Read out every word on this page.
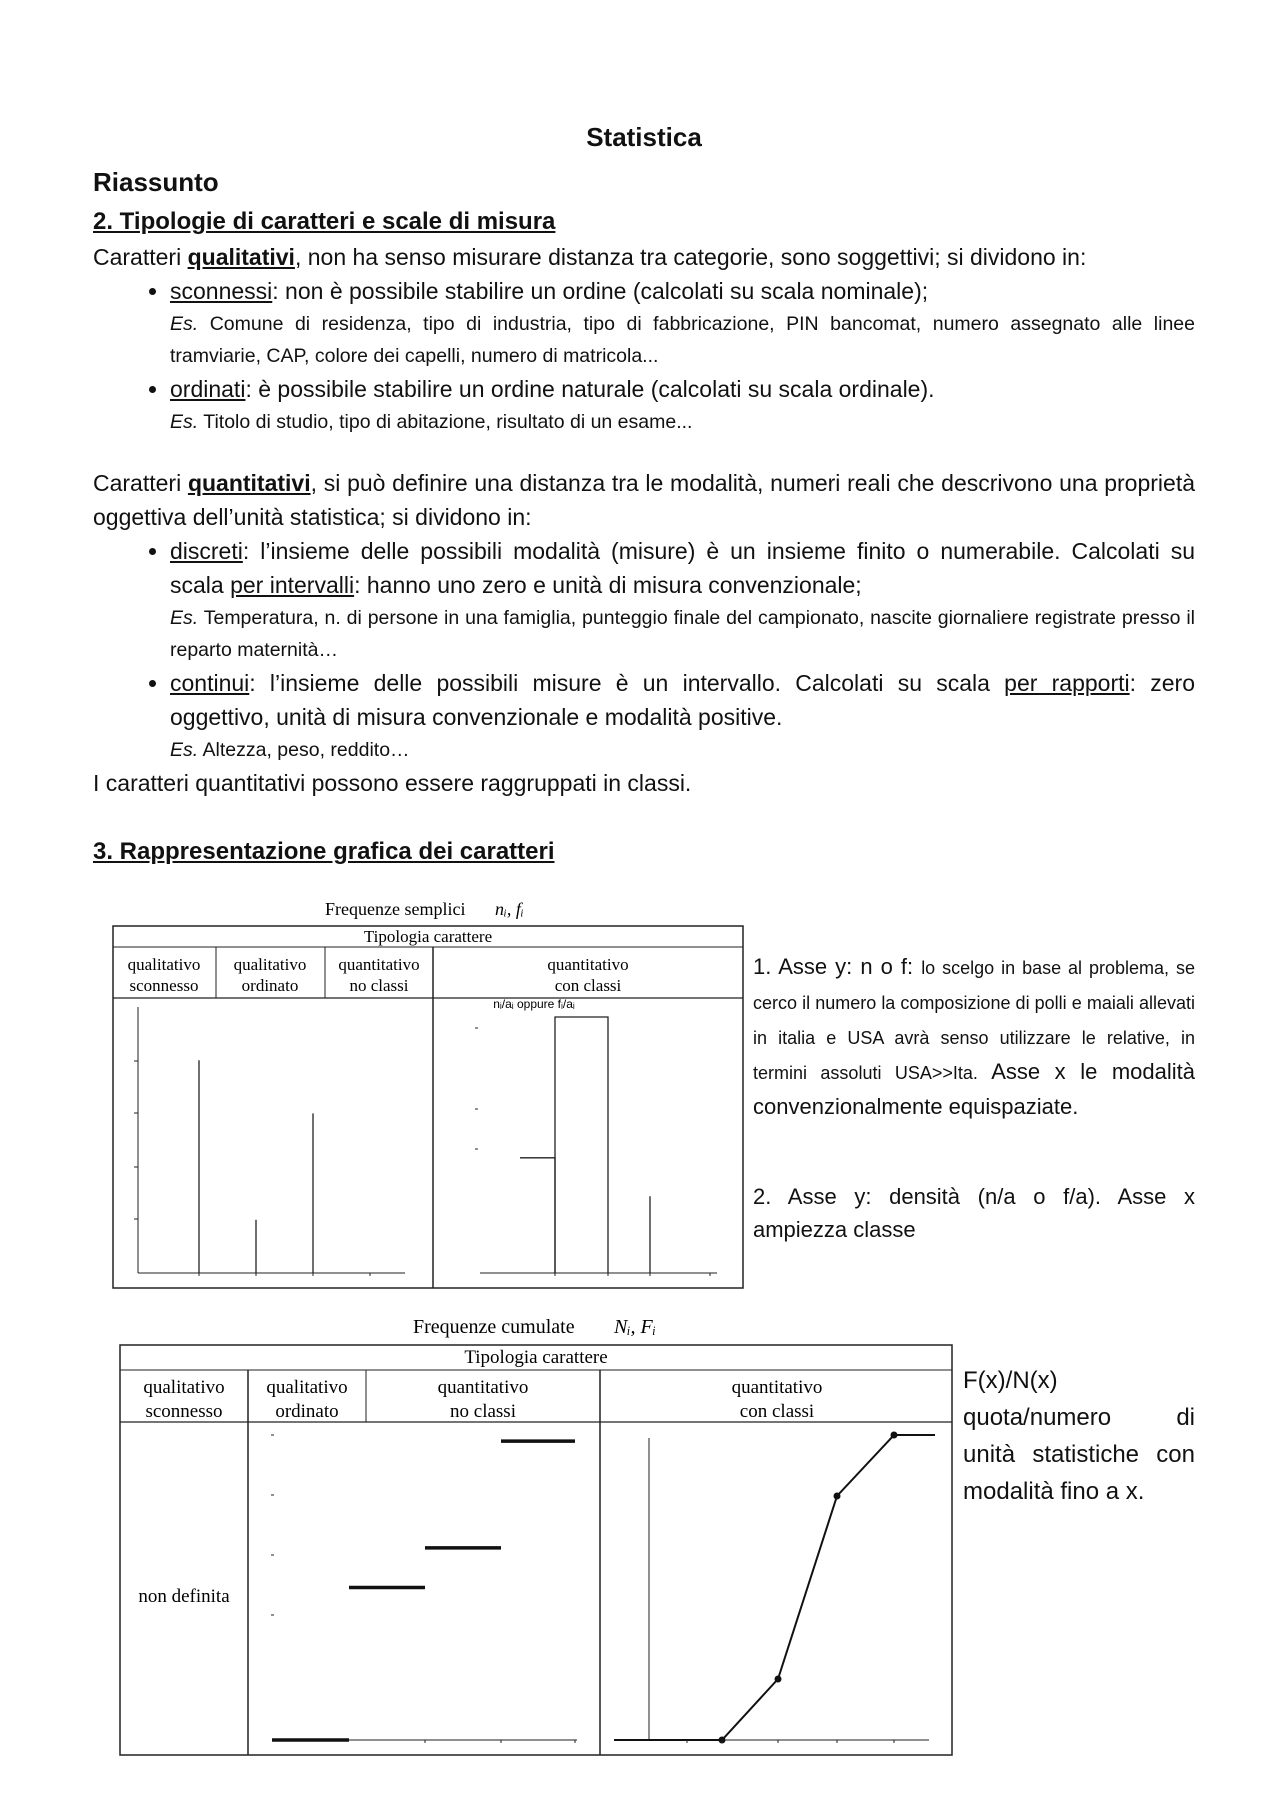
Statistica
Riassunto
2. Tipologie di caratteri e scale di misura

Caratteri qualitativi, non ha senso misurare distanza tra categorie, sono soggettivi; si dividono in:

• sconnessi: non è possibile stabilire un ordine (calcolati su scala nominale);
Es. Comune di residenza, tipo di industria, tipo di fabbricazione, PIN bancomat, numero assegnato alle linee tramviarie, CAP, colore dei capelli, numero di matricola...
• ordinati: è possibile stabilire un ordine naturale (calcolati su scala ordinale).
Es. Titolo di studio, tipo di abitazione, risultato di un esame...

Caratteri quantitativi, si può definire una distanza tra le modalità, numeri reali che descrivono una proprietà oggettiva dell’unità statistica; si dividono in:

• discreti: l’insieme delle possibili modalità (misure) è un insieme finito o numerabile. Calcolati su scala per intervalli: hanno uno zero e unità di misura convenzionale;
Es. Temperatura, n. di persone in una famiglia, punteggio finale del campionato, nascite giornaliere registrate presso il reparto maternità…
• continui: l’insieme delle possibili misure è un intervallo. Calcolati su scala per rapporti: zero oggettivo, unità di misura convenzionale e modalità positive.
Es. Altezza, peso, reddito…

I caratteri quantitativi possono essere raggruppati in classi.

3. Rappresentazione grafica dei caratteri
Frequenze semplici nᵢ, fᵢ
Tipologia carattere
qualitativo
sconnesso
qualitativo
ordinato
quantitativo
no classi
quantitativo
con classi
nᵢ/aᵢ oppure fᵢ/aᵢ
1. Asse y: n o f: lo scelgo in base al problema, se cerco il numero la composizione di polli e maiali allevati in italia e USA avrà senso utilizzare le relative, in termini assoluti USA>>Ita. Asse x le modalità convenzionalmente equispaziate.
2. Asse y: densità (n/a o f/a). Asse x ampiezza classe
Frequenze cumulate Nᵢ, Fᵢ
Tipologia carattere
qualitativo
sconnesso
qualitativo
ordinato
quantitativo
no classi
quantitativo
con classi
non definita
F(x)/N(x) quota/numero di unità statistiche con modalità fino a x.
